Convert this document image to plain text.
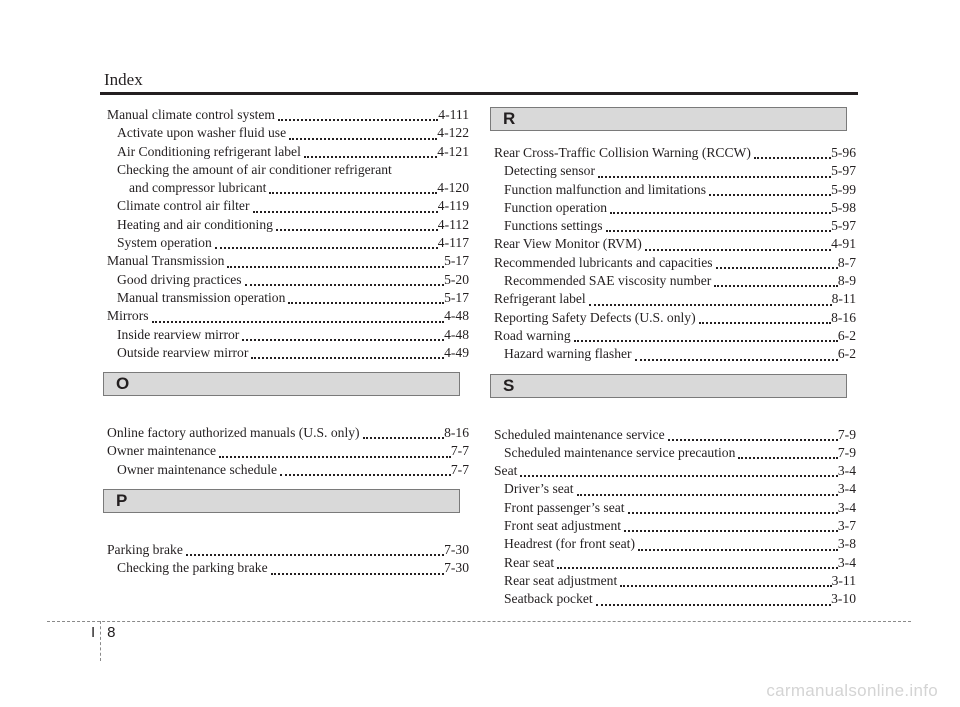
Index
Manual climate control system	4-111
Activate upon washer fluid use	4-122
Air Conditioning refrigerant label	4-121
Checking the amount of air conditioner refrigerant
and compressor lubricant	4-120
Climate control air filter	4-119
Heating and air conditioning	4-112
System operation	4-117
Manual Transmission	5-17
Good driving practices	5-20
Manual transmission operation	5-17
Mirrors	4-48
Inside rearview mirror	4-48
Outside rearview mirror	4-49
O
Online factory authorized manuals (U.S. only)	8-16
Owner maintenance	7-7
Owner maintenance schedule	7-7
P
Parking brake	7-30
Checking the parking brake	7-30
R
Rear Cross-Traffic Collision Warning (RCCW)	5-96
Detecting sensor	5-97
Function malfunction and limitations	5-99
Function operation	5-98
Functions settings	5-97
Rear View Monitor (RVM)	4-91
Recommended lubricants and capacities	8-7
Recommended SAE viscosity number	8-9
Refrigerant label	8-11
Reporting Safety Defects (U.S. only)	8-16
Road warning	6-2
Hazard warning flasher	6-2
S
Scheduled maintenance service	7-9
Scheduled maintenance service precaution	7-9
Seat	3-4
Driver’s seat	3-4
Front passenger’s seat	3-4
Front seat adjustment	3-7
Headrest (for front seat)	3-8
Rear seat	3-4
Rear seat adjustment	3-11
Seatback pocket	3-10
I 8
carmanualsonline.info
